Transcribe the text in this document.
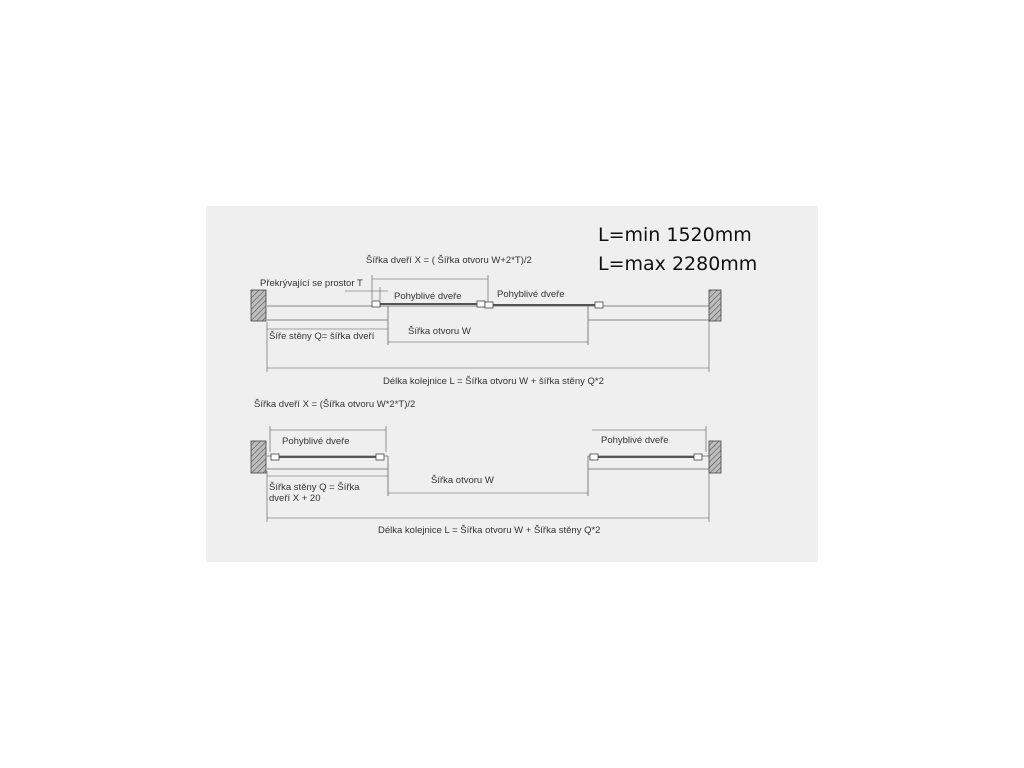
L=min 1520mm
L=max 2280mm
Šířka dveří X = ( Šířka otvoru W+2*T)/2
Překrývající se prostor T
Pohyblivé dveře	Pohyblivé dveře
Šíře stěny Q= šířka dveří	Šířka otvoru W
Délka kolejnice L = Šířka otvoru W + šířka stěny Q*2
Šířka dveří X = (Šířka otvoru W*2*T)/2
Pohyblivé dveře	Pohyblivé dveře
Šířka stěny Q = Šířka
dveří X + 20
Šířka otvoru W
Délka kolejnice L = Šířka otvoru W + Šířka stěny Q*2
